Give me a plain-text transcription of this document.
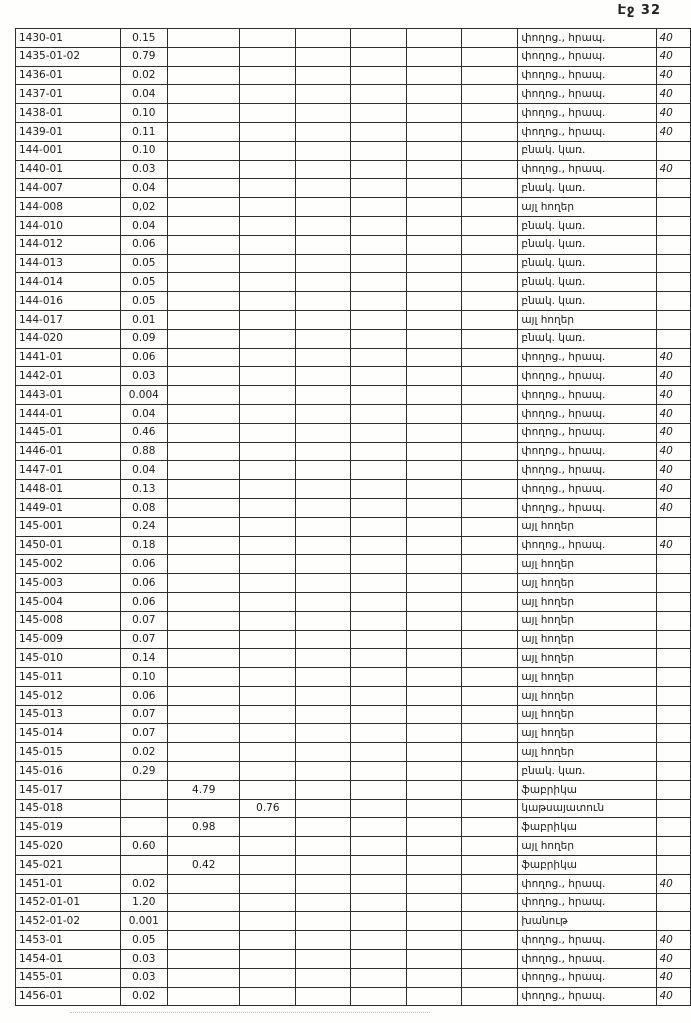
Էջ 32
1430-01	0.15							փողոց., հրապ.	40
1435-01-02	0.79							փողոց., հրապ.	40
1436-01	0.02							փողոց., հրապ.	40
1437-01	0.04							փողոց., հրապ.	40
1438-01	0.10							փողոց., հրապ.	40
1439-01	0.11							փողոց., հրապ.	40
144-001	0.10							բնակ. կառ.	
1440-01	0.03							փողոց., հրապ.	40
144-007	0.04							բնակ. կառ.	
144-008	0,02							այլ հողեր	
144-010	0.04							բնակ. կառ.	
144-012	0.06							բնակ. կառ.	
144-013	0.05							բնակ. կառ.	
144-014	0.05							բնակ. կառ.	
144-016	0.05							բնակ. կառ.	
144-017	0.01							այլ հողեր	
144-020	0.09							բնակ. կառ.	
1441-01	0.06							փողոց., հրապ.	40
1442-01	0.03							փողոց., հրապ.	40
1443-01	0.004							փողոց., հրապ.	40
1444-01	0.04							փողոց., հրապ.	40
1445-01	0.46							փողոց., հրապ.	40
1446-01	0.88							փողոց., հրապ.	40
1447-01	0.04							փողոց., հրապ.	40
1448-01	0.13							փողոց., հրապ.	40
1449-01	0.08							փողոց., հրապ.	40
145-001	0.24							այլ հողեր	
1450-01	0.18							փողոց., հրապ.	40
145-002	0.06							այլ հողեր	
145-003	0.06							այլ հողեր	
145-004	0.06							այլ հողեր	
145-008	0.07							այլ հողեր	
145-009	0.07							այլ հողեր	
145-010	0.14							այլ հողեր	
145-011	0.10							այլ հողեր	
145-012	0.06							այլ հողեր	
145-013	0.07							այլ հողեր	
145-014	0.07							այլ հողեր	
145-015	0.02							այլ հողեր	
145-016	0.29							բնակ. կառ.	
145-017		4.79						ֆաբրիկա	
145-018			0.76					կաթսայատուն	
145-019		0.98						ֆաբրիկա	
145-020	0.60							այլ հողեր	
145-021		0.42						ֆաբրիկա	
1451-01	0.02							փողոց., հրապ.	40
1452-01-01	1.20							փողոց., հրապ.	
1452-01-02	0.001							խանութ	
1453-01	0.05							փողոց., հրապ.	40
1454-01	0.03							փողոց., հրապ.	40
1455-01	0.03							փողոց., հրապ.	40
1456-01	0.02							փողոց., հրապ.	40
